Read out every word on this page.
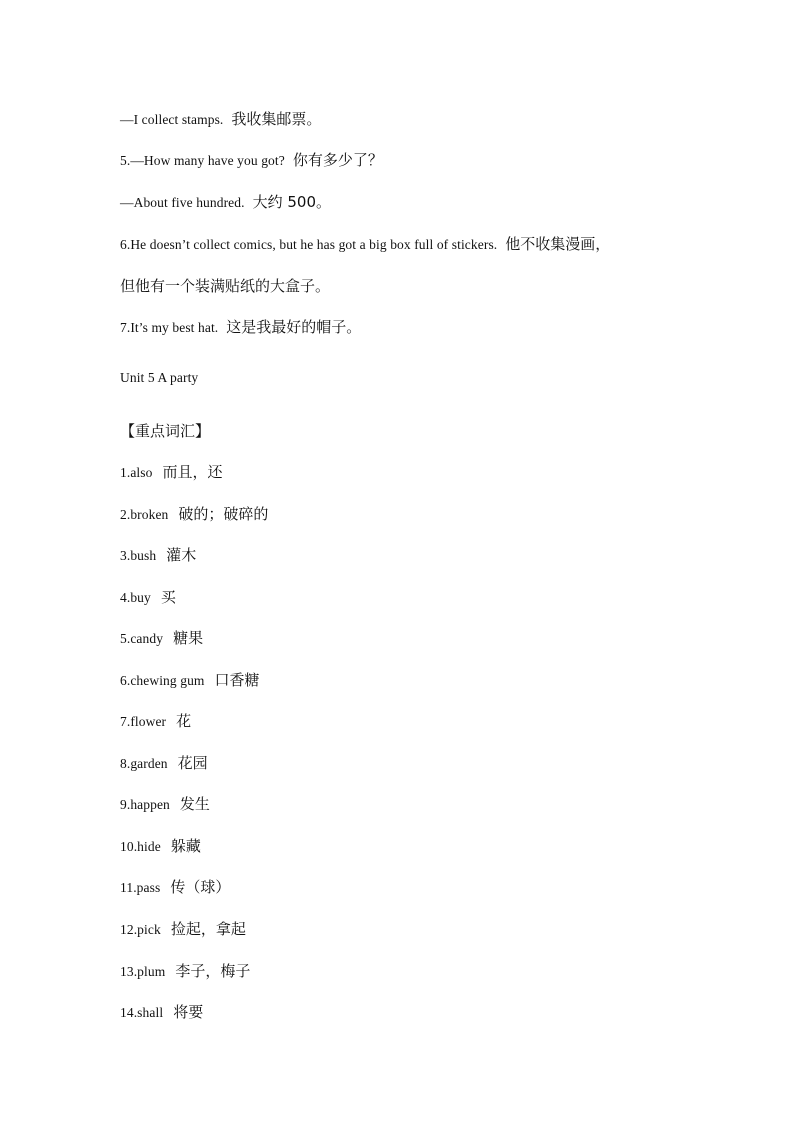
—I collect stamps. 我收集邮票。
5.—How many have you got? 你有多少了？
—About five hundred. 大约 500。
6.He doesn’t collect comics, but he has got a big box full of stickers. 他不收集漫画，
但他有一个装满贴纸的大盒子。
7.It’s my best hat. 这是我最好的帽子。
Unit 5 A party
【重点词汇】
1.also 而且，还
2.broken 破的；破碎的
3.bush 灌木
4.buy 买
5.candy 糖果
6.chewing gum 口香糖
7.flower 花
8.garden 花园
9.happen 发生
10.hide 躲藏
11.pass 传（球）
12.pick 捡起，拿起
13.plum 李子，梅子
14.shall 将要
